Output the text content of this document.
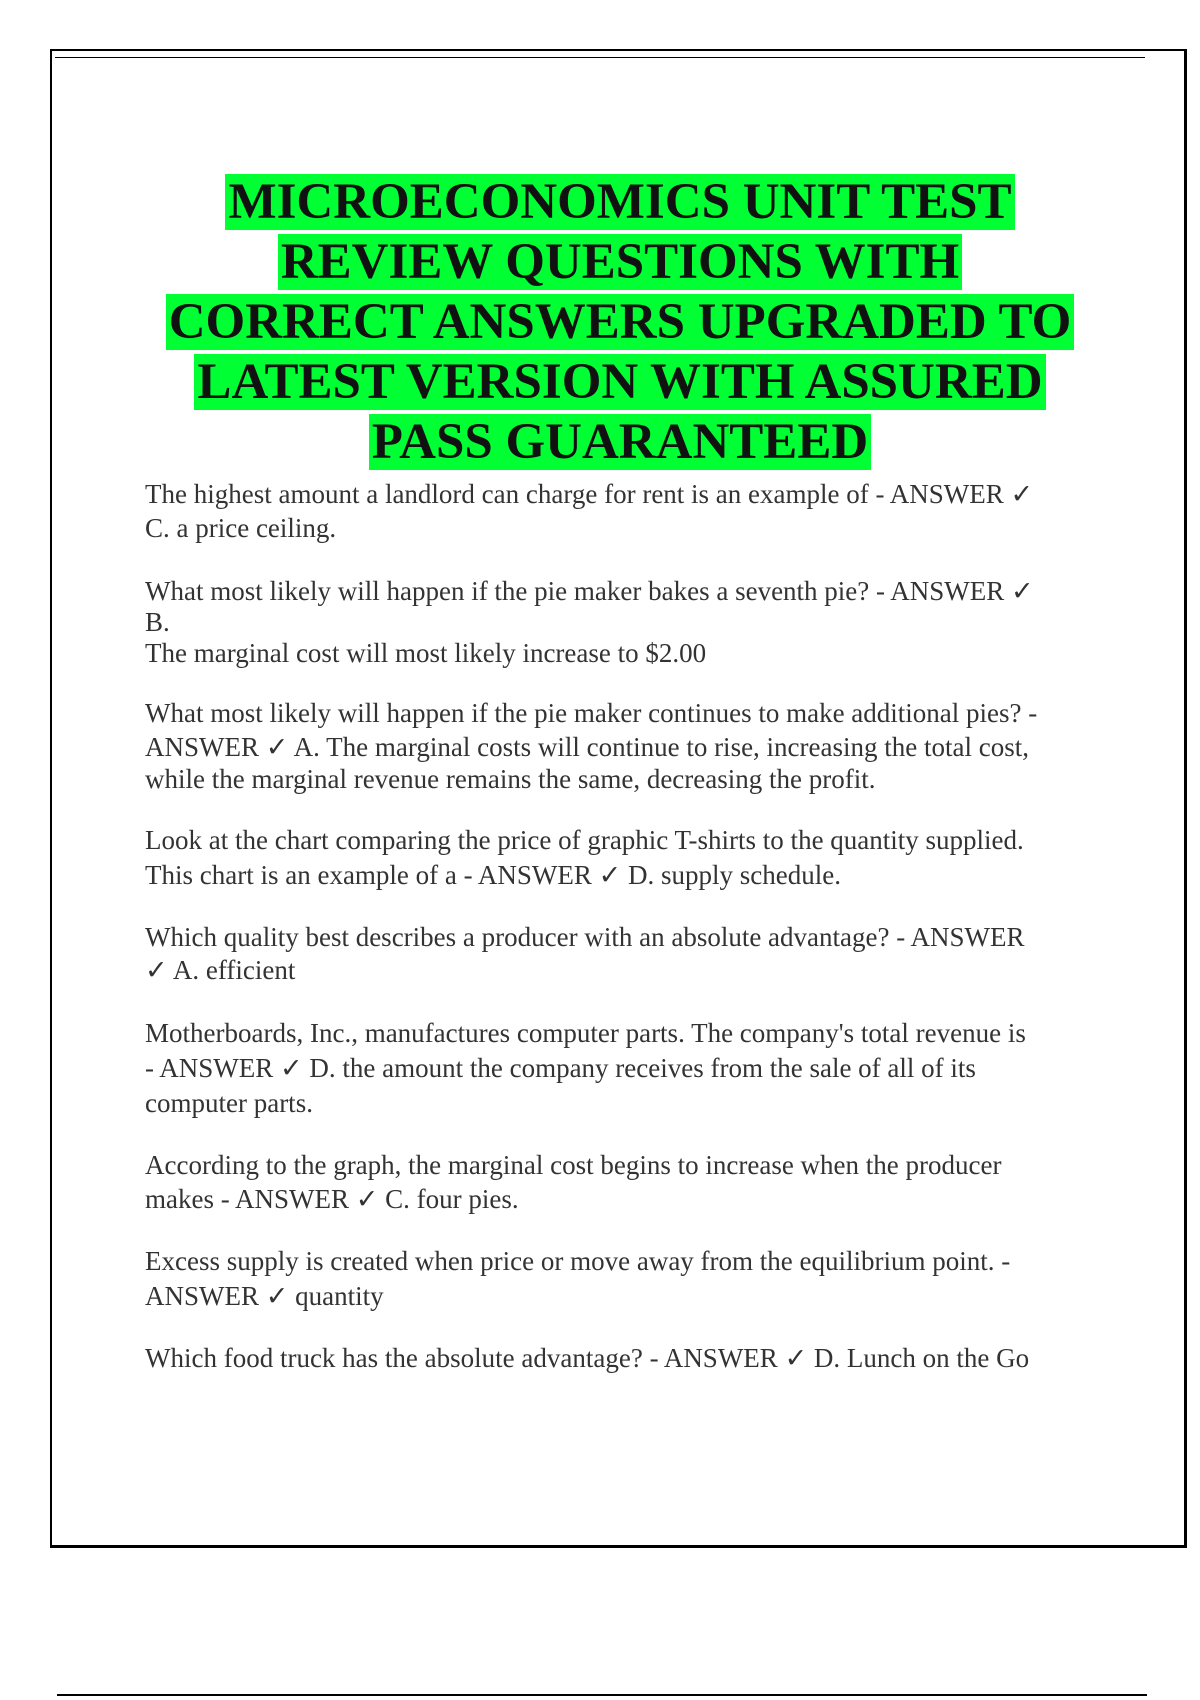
MICROECONOMICS UNIT TEST
REVIEW QUESTIONS WITH
CORRECT ANSWERS UPGRADED TO
LATEST VERSION WITH ASSURED
PASS GUARANTEED
The highest amount a landlord can charge for rent is an example of - ANSWER ✓
C. a price ceiling.
What most likely will happen if the pie maker bakes a seventh pie? - ANSWER ✓
B.
The marginal cost will most likely increase to $2.00
What most likely will happen if the pie maker continues to make additional pies? -
ANSWER ✓ A. The marginal costs will continue to rise, increasing the total cost,
while the marginal revenue remains the same, decreasing the profit.
Look at the chart comparing the price of graphic T-shirts to the quantity supplied.
This chart is an example of a - ANSWER ✓ D. supply schedule.
Which quality best describes a producer with an absolute advantage? - ANSWER
✓ A. efficient
Motherboards, Inc., manufactures computer parts. The company's total revenue is
- ANSWER ✓ D. the amount the company receives from the sale of all of its
computer parts.
According to the graph, the marginal cost begins to increase when the producer
makes - ANSWER ✓ C. four pies.
Excess supply is created when price or move away from the equilibrium point. -
ANSWER ✓ quantity
Which food truck has the absolute advantage? - ANSWER ✓ D. Lunch on the Go
